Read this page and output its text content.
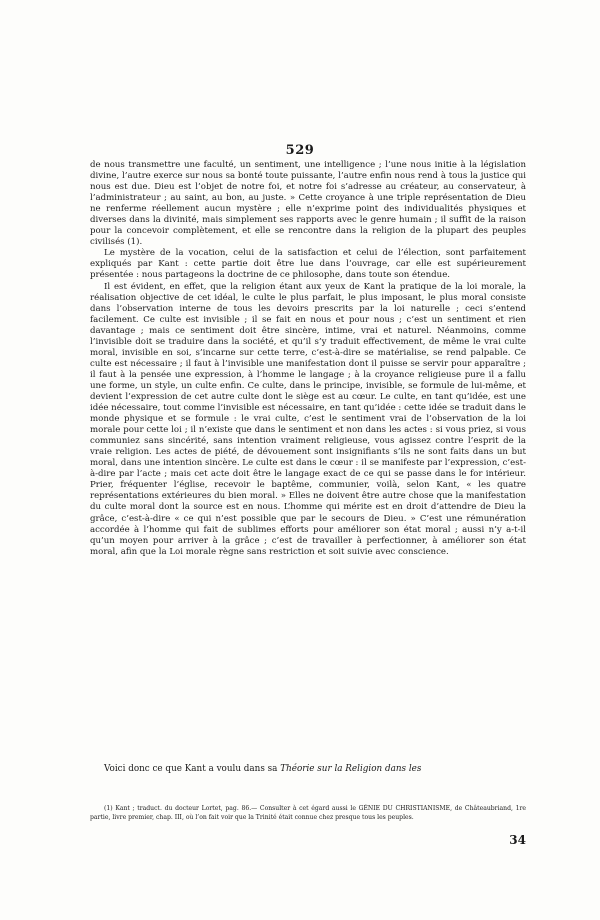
529

de nous transmettre une faculté, un sentiment, une intelligence ; l’une nous initie à la législation divine, l’autre exerce sur nous sa bonté toute puissante, l’autre enfin nous rend à tous la justice qui nous est due. Dieu est l’objet de notre foi, et notre foi s’adresse au créateur, au conservateur, à l’administrateur ; au saint, au bon, au juste. » Cette croyance à une triple représentation de Dieu ne renferme réellement aucun mystère ; elle n’exprime point des individualités physiques et diverses dans la divinité, mais simplement ses rapports avec le genre humain ; il suffit de la raison pour la concevoir complètement, et elle se rencontre dans la religion de la plupart des peuples civilisés (1).

Le mystère de la vocation, celui de la satisfaction et celui de l’élection, sont parfaitement expliqués par Kant : cette partie doit être lue dans l’ouvrage, car elle est supérieurement présentée : nous partageons la doctrine de ce philosophe, dans toute son étendue.

Il est évident, en effet, que la religion étant aux yeux de Kant la pratique de la loi morale, la réalisation objective de cet idéal, le culte le plus parfait, le plus imposant, le plus moral consiste dans l’observation interne de tous les devoirs prescrits par la loi naturelle ; ceci s’entend facilement. Ce culte est invisible ; il se fait en nous et pour nous ; c’est un sentiment et rien davantage ; mais ce sentiment doit être sincère, intime, vrai et naturel. Néanmoins, comme l’invisible doit se traduire dans la société, et qu’il s’y traduit effectivement, de même le vrai culte moral, invisible en soi, s’incarne sur cette terre, c’est-à-dire se matérialise, se rend palpable. Ce culte est nécessaire ; il faut à l’invisible une manifestation dont il puisse se servir pour apparaître ; il faut à la pensée une expression, à l’homme le langage ; à la croyance religieuse pure il a fallu une forme, un style, un culte enfin. Ce culte, dans le principe, invisible, se formule de lui-même, et devient l’expression de cet autre culte dont le siège est au cœur. Le culte, en tant qu’idée, est une idée nécessaire, tout comme l’invisible est nécessaire, en tant qu’idée : cette idée se traduit dans le monde physique et se formule : le vrai culte, c’est le sentiment vrai de l’observation de la loi morale pour cette loi ; il n’existe que dans le sentiment et non dans les actes : si vous priez, si vous communiez sans sincérité, sans intention vraiment religieuse, vous agissez contre l’esprit de la vraie religion. Les actes de piété, de dévouement sont insignifiants s’ils ne sont faits dans un but moral, dans une intention sincère. Le culte est dans le cœur : il se manifeste par l’expression, c’est-à-dire par l’acte ; mais cet acte doit être le langage exact de ce qui se passe dans le for intérieur. Prier, fréquenter l’église, recevoir le baptême, communier, voilà, selon Kant, « les quatre représentations extérieures du bien moral. » Elles ne doivent être autre chose que la manifestation du culte moral dont la source est en nous. L’homme qui mérite est en droit d’attendre de Dieu la grâce, c’est-à-dire « ce qui n’est possible que par le secours de Dieu. » C’est une rémunération accordée à l’homme qui fait de sublimes efforts pour améliorer son état moral ; aussi n’y a-t-il qu’un moyen pour arriver à la grâce ; c’est de travailler à perfectionner, à améliorer son état moral, afin que la Loi morale règne sans restriction et soit suivie avec conscience.

Voici donc ce que Kant a voulu dans sa Théorie sur la Religion dans les
(1) Kant ; traduct. du docteur Lortet, pag. 86.— Consulter à cet égard aussi le GÉNIE DU CHRISTIANISME, de Châteaubriand, 1re partie, livre premier, chap. III, où l’on fait voir que la Trinité était connue chez presque tous les peuples.
34
